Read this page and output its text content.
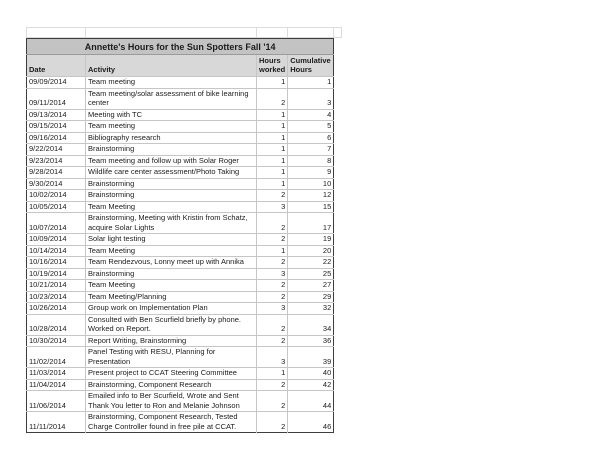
Annette's Hours for the Sun Spotters Fall '14			
Date	Activity	Hours worked	Cumulative Hours
09/09/2014	Team meeting	1	1
09/11/2014	Team meeting/solar assessment of bike learning center	2	3
09/13/2014	Meeting with TC	1	4
09/15/2014	Team meeting	1	5
09/16/2014	Bibliography research	1	6
9/22/2014	Brainstorming	1	7
9/23/2014	Team meeting and follow up with Solar Roger	1	8
9/28/2014	Wildlife care center assessment/Photo Taking	1	9
9/30/2014	Brainstorming	1	10
10/02/2014	Brainstorming	2	12
10/05/2014	Team Meeting	3	15
10/07/2014	Brainstorming, Meeting with Kristin from Schatz, acquire Solar Lights	2	17
10/09/2014	Solar light testing	2	19
10/14/2014	Team Meeting	1	20
10/16/2014	Team Rendezvous, Lonny meet up with Annika	2	22
10/19/2014	Brainstorming	3	25
10/21/2014	Team Meeting	2	27
10/23/2014	Team Meeting/Planning	2	29
10/26/2014	Group work on Implementation Plan	3	32
10/28/2014	Consulted with Ben Scurfield briefly by phone. Worked on Report.	2	34
10/30/2014	Report Writing, Brainstorming	2	36
11/02/2014	Panel Testing with RESU, Planning for Presentation	3	39
11/03/2014	Present project to CCAT Steering Committee	1	40
11/04/2014	Brainstorming, Component Research	2	42
11/06/2014	Emailed info to Ber Scurfield, Wrote and Sent Thank You letter to Ron and Melanie Johnson	2	44
11/11/2014	Brainstorming, Component Research, Tested Charge Controller found in free pile at CCAT.	2	46
